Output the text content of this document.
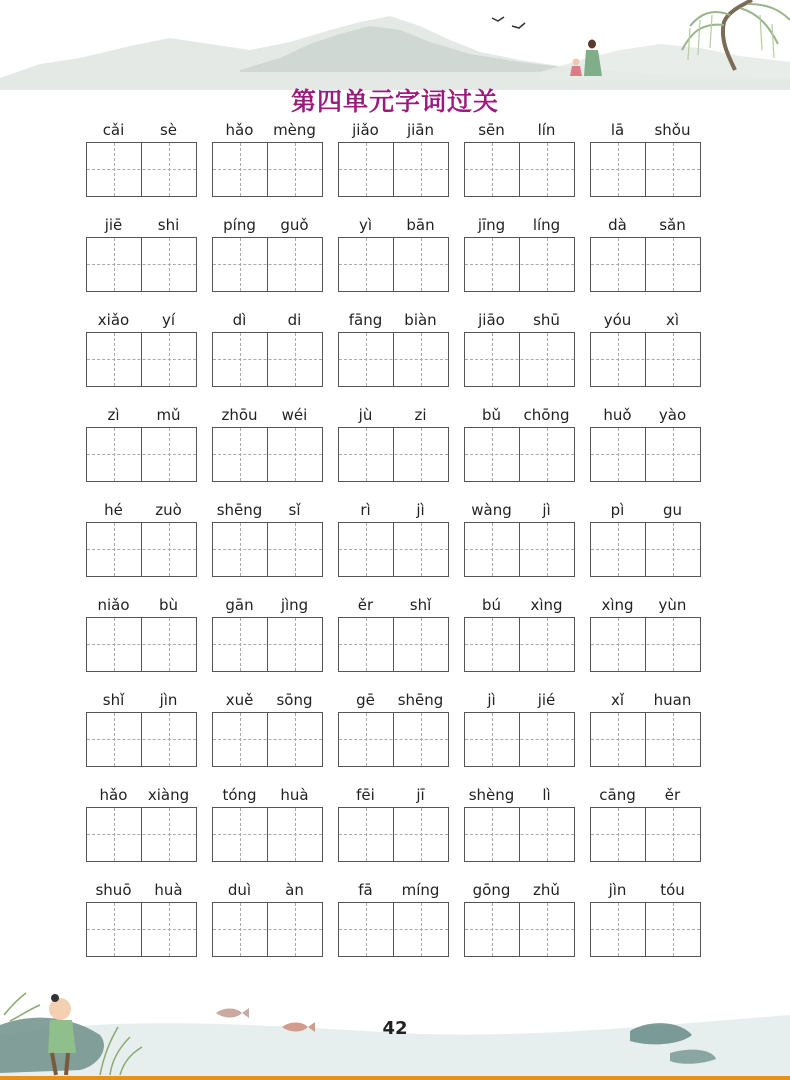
第四单元字词过关
cǎi	sè	hǎo	mèng	jiǎo	jiān	sēn	lín	lā	shǒu
jiē	shi	píng	guǒ	yì	bān	jīng	líng	dà	sǎn
xiǎo	yí	dì	di	fāng	biàn	jiāo	shū	yóu	xì
zì	mǔ	zhōu	wéi	jù	zi	bǔ	chōng	huǒ	yào
hé	zuò	shēng	sǐ	rì	jì	wàng	jì	pì	gu
niǎo	bù	gān	jìng	ěr	shǐ	bú	xìng	xìng	yùn
shǐ	jìn	xuě	sōng	gē	shēng	jì	jié	xǐ	huan
hǎo	xiàng	tóng	huà	fēi	jī	shèng	lì	cāng	ěr
shuō	huà	duì	àn	fā	míng	gōng	zhǔ	jìn	tóu
42
